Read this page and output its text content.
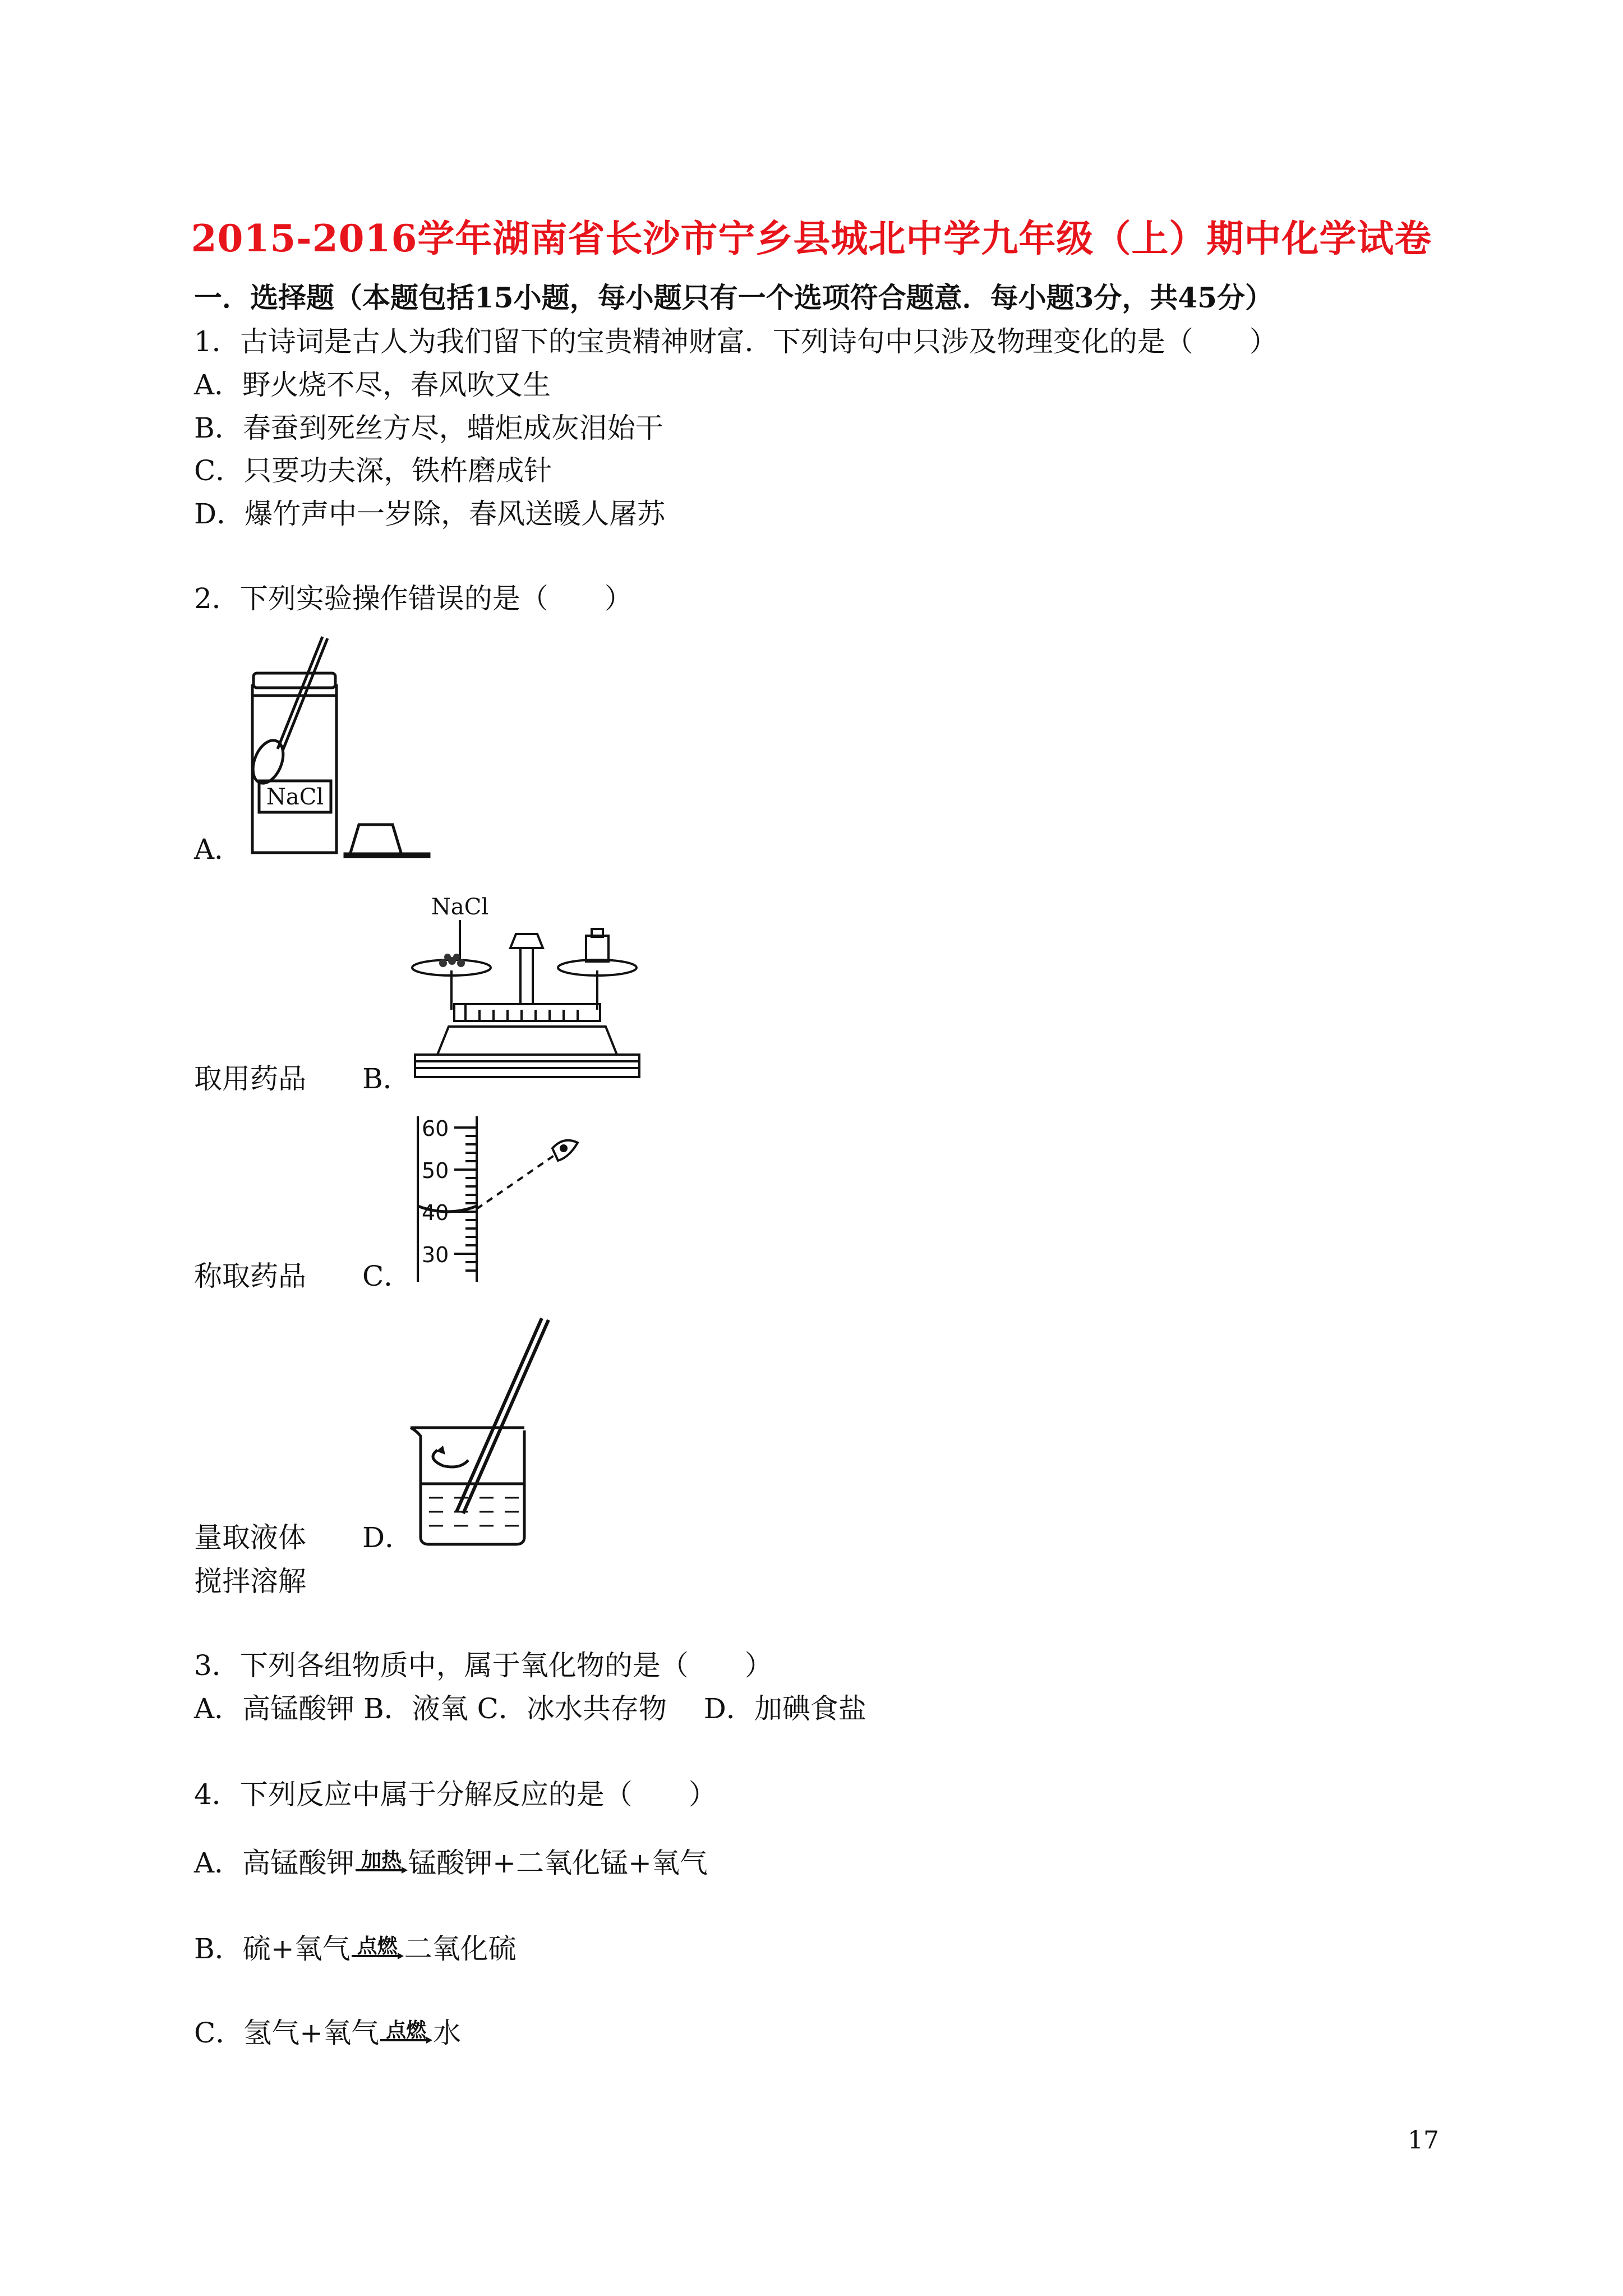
2015-2016学年湖南省长沙市宁乡县城北中学九年级（上）期中化学试卷
一．选择题（本题包括15小题，每小题只有一个选项符合题意．每小题3分，共45分）
1．古诗词是古人为我们留下的宝贵精神财富．下列诗句中只涉及物理变化的是（　　）
A．野火烧不尽，春风吹又生
B．春蚕到死丝方尽，蜡炬成灰泪始干
C．只要功夫深，铁杵磨成针
D．爆竹声中一岁除，春风送暖人屠苏
2．下列实验操作错误的是（　　）
NaCl
A．
NaCl
取用药品　　B．
60
50
40
30
称取药品　　C．
量取液体　　D．
搅拌溶解
3．下列各组物质中，属于氧化物的是（　　）
A．高锰酸钾 B．液氧 C．冰水共存物　 D．加碘食盐
4．下列反应中属于分解反应的是（　　）
A．高锰酸钾 加热 锰酸钾+二氧化锰+氧气
B．硫+氧气 点燃 二氧化硫
C．氢气+氧气 点燃 水
17
